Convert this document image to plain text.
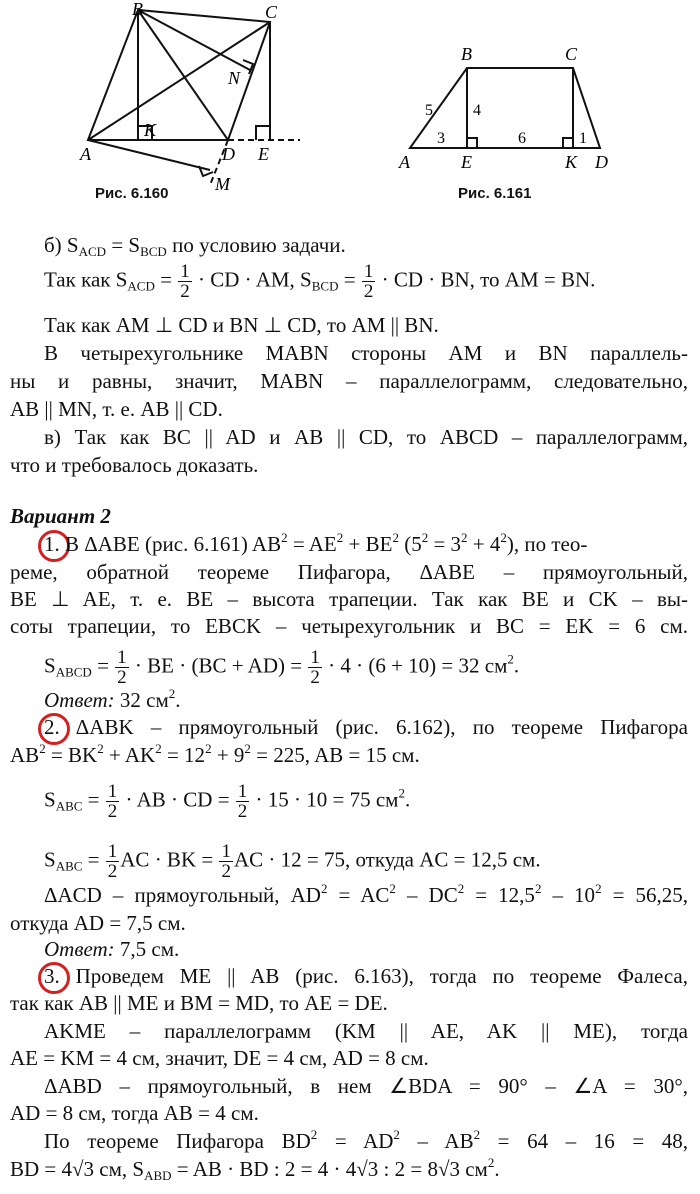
B	C
N
K
A	D E
M
Рис. 6.160
B	C
A	E	K D
5	4
3	6	1
Рис. 6.161
б) $S_{ACD} = S_{BCD}$ по условию задачи.
Так как $S_{ACD} = \frac{1}{2}$ · CD · AM, $S_{BCD} = \frac{1}{2}$ · CD · BN, то AM = BN.
Так как AM ⊥ CD и BN ⊥ CD, то AM || BN.
В четырехугольнике MABN стороны AM и BN параллель-
ны и равны, значит, MABN – параллелограмм, следовательно,
AB || MN, т. е. AB || CD.
в) Так как BC || AD и AB || CD, то ABCD – параллелограмм,
что и требовалось доказать.
Вариант 2
1. В ΔABE (рис. 6.161) $AB^2 = AE^2 + BE^2$ $(5^2 = 3^2 + 4^2)$, по тео-
реме, обратной теореме Пифагора, ΔABE – прямоугольный,
BE ⊥ AE, т. е. BE – высота трапеции. Так как BE и CK – вы-
соты трапеции, то EBCK – четырехугольник и BC = EK = 6 см.
$S_{ABCD} = \frac{1}{2}$ · BE · $(BC + AD) = \frac{1}{2} \cdot 4 \cdot (6 + 10) = 32$ $см^2$.
Ответ: 32 $см^2$.
2. ΔABK – прямоугольный (рис. 6.162), по теореме Пифагора
$AB^2 = BK^2 + AK^2 = 12^2 + 9^2 = 225$, AB = 15 см.
$S_{ABC} = \frac{1}{2}$ · AB · CD = $\frac{1}{2} \cdot 15 \cdot 10 = 75$ $см^2$.
$S_{ABC} = \frac{1}{2}$ AC · BK = $\frac{1}{2}$ AC · 12 = 75, откуда AC = 12,5 см.
ΔACD – прямоугольный, $AD^2 = AC^2 - DC^2 = 12,5^2 - 10^2 = 56,25$,
откуда AD = 7,5 см.
Ответ: 7,5 см.
3. Проведем ME || AB (рис. 6.163), тогда по теореме Фалеса,
так как AB || ME и BM = MD, то AE = DE.
AKME – параллелограмм (KM || AE, AK || ME), тогда
AE = KM = 4 см, значит, DE = 4 см, AD = 8 см.
ΔABD – прямоугольный, в нем ∠BDA = 90° – ∠A = 30°,
AD = 8 см, тогда AB = 4 см.
По теореме Пифагора $BD^2 = AD^2 - AB^2 = 64 - 16 = 48$,
BD = 4√3 см, $S_{ABD}$ = AB · BD : 2 = 4 · 4√3 : 2 = 8√3 $см^2$.
